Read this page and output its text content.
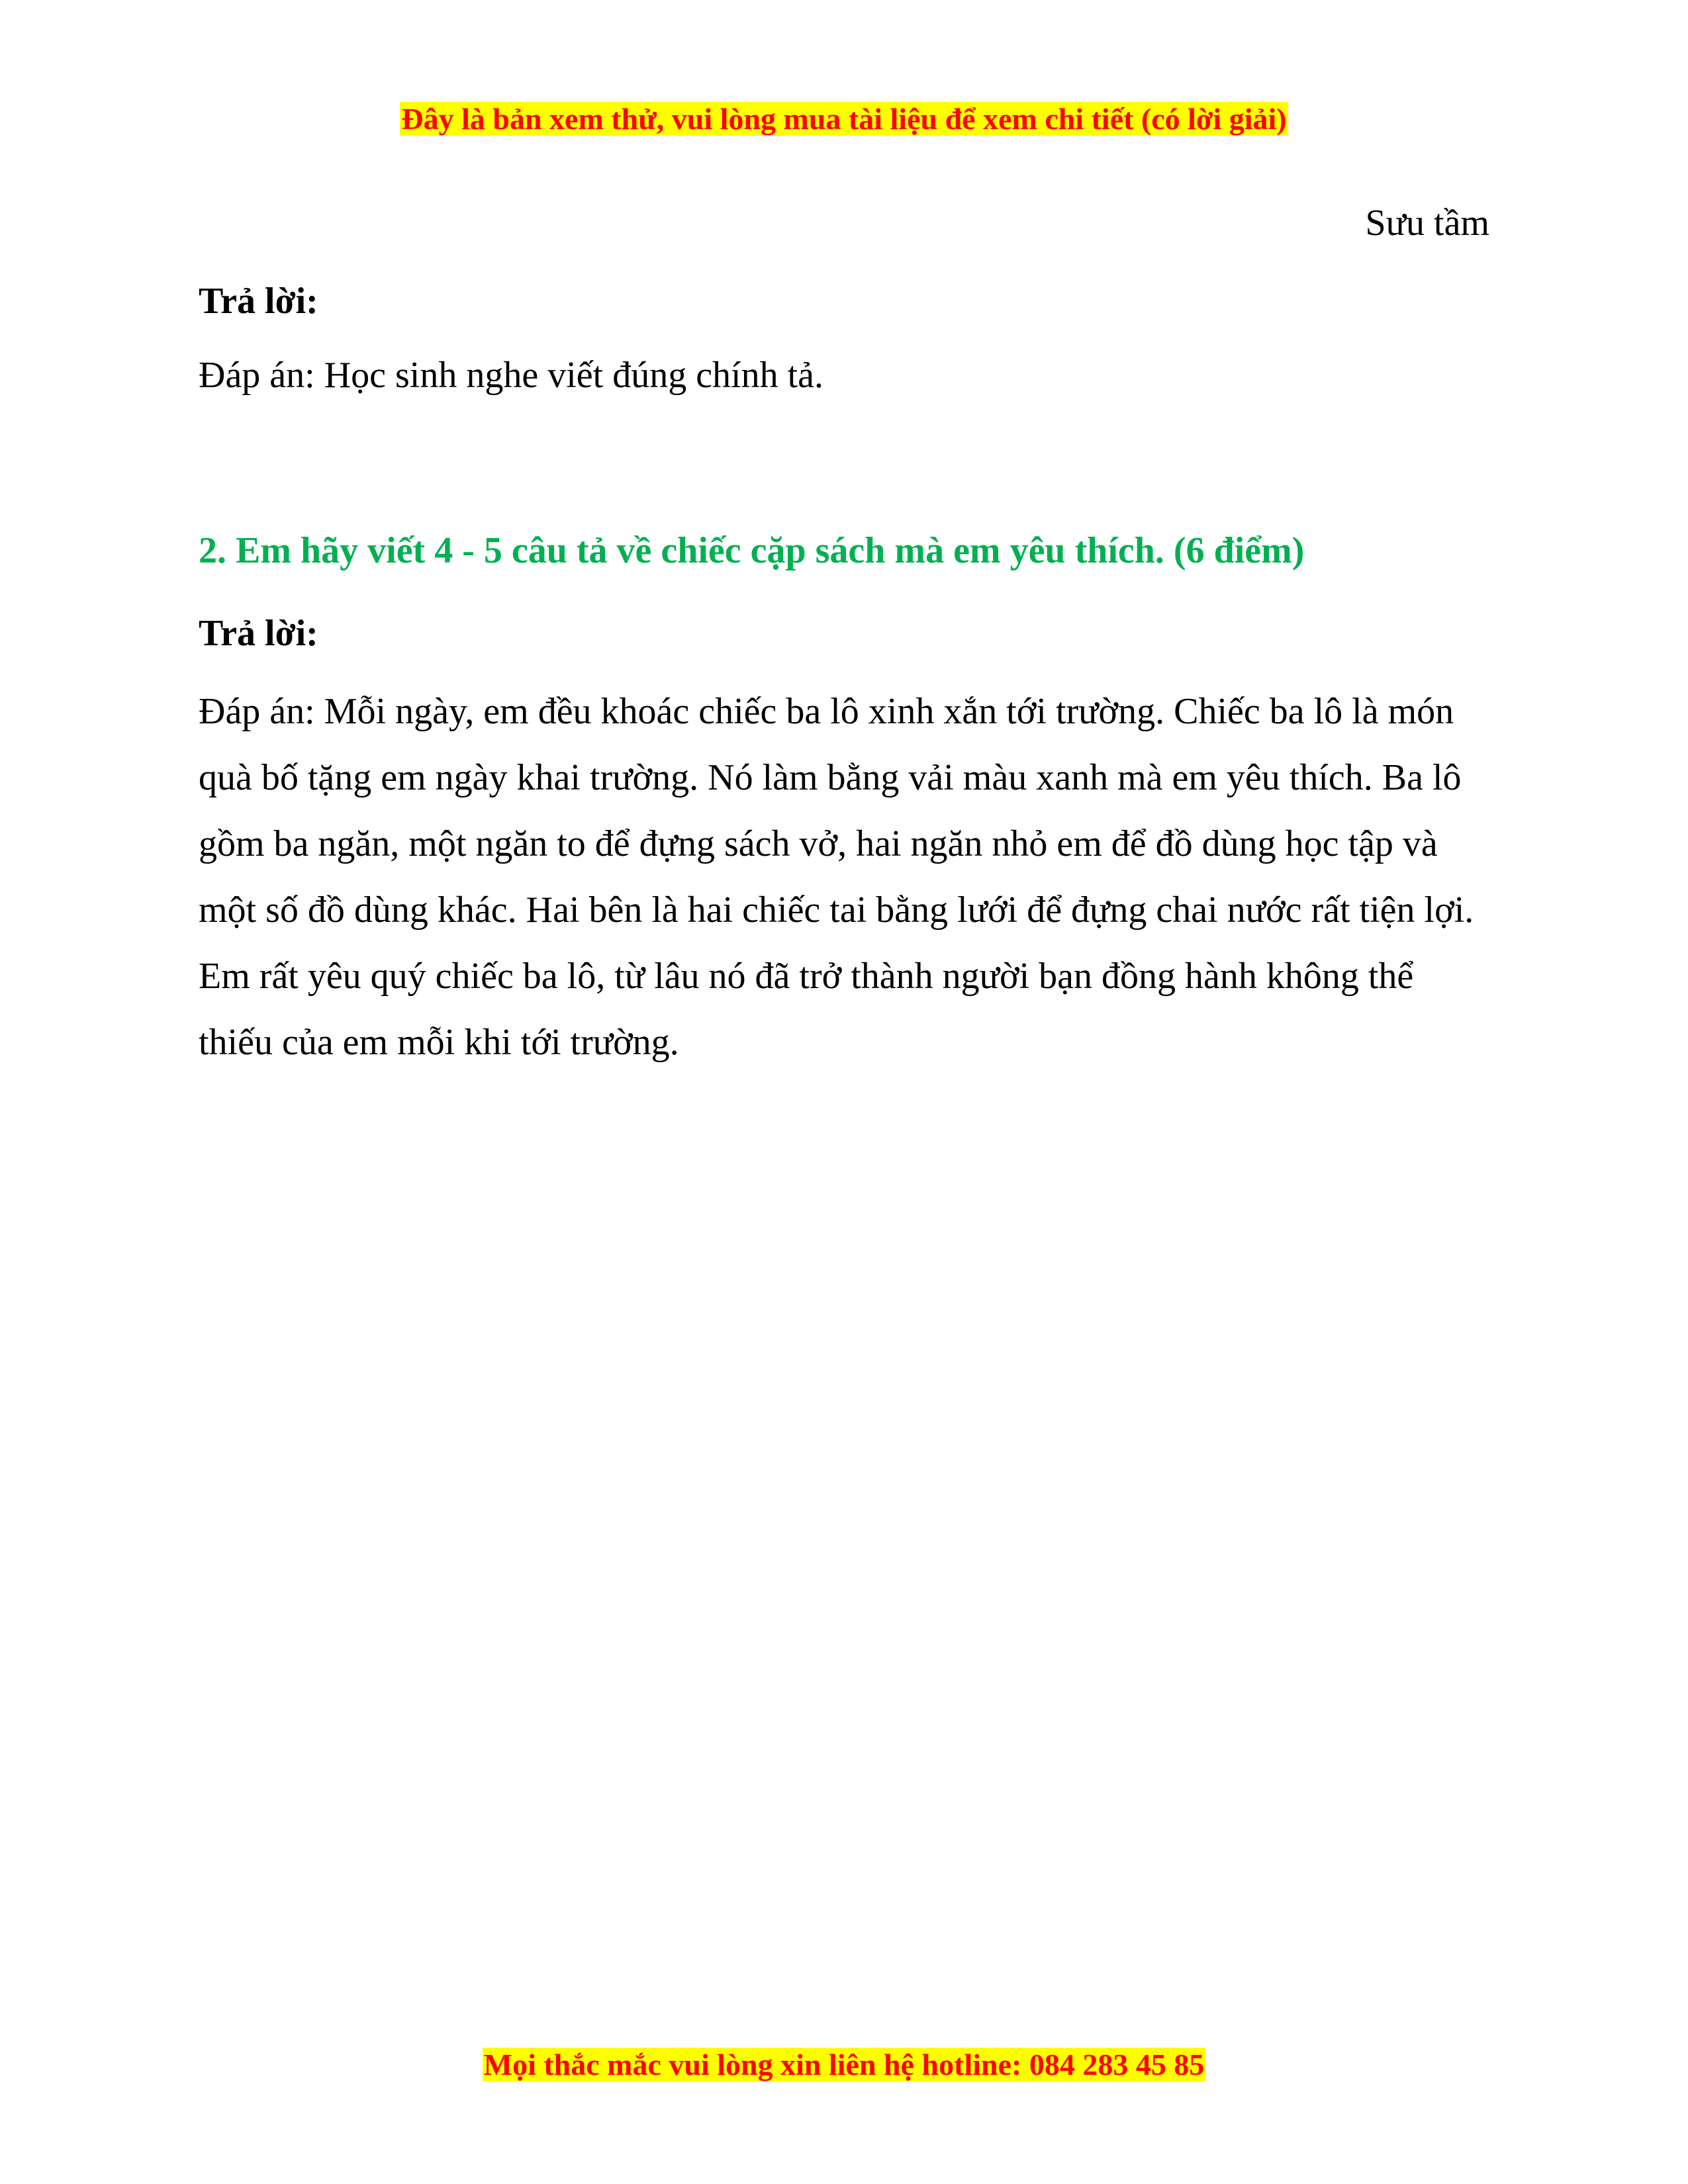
Đây là bản xem thử, vui lòng mua tài liệu để xem chi tiết (có lời giải)
Sưu tầm

Trả lời:

Đáp án: Học sinh nghe viết đúng chính tả.

2. Em hãy viết 4 - 5 câu tả về chiếc cặp sách mà em yêu thích. (6 điểm)

Trả lời:

Đáp án: Mỗi ngày, em đều khoác chiếc ba lô xinh xắn tới trường. Chiếc ba lô là món quà bố tặng em ngày khai trường. Nó làm bằng vải màu xanh mà em yêu thích. Ba lô gồm ba ngăn, một ngăn to để đựng sách vở, hai ngăn nhỏ em để đồ dùng học tập và một số đồ dùng khác. Hai bên là hai chiếc tai bằng lưới để đựng chai nước rất tiện lợi. Em rất yêu quý chiếc ba lô, từ lâu nó đã trở thành người bạn đồng hành không thể thiếu của em mỗi khi tới trường.

Mọi thắc mắc vui lòng xin liên hệ hotline: 084 283 45 85
